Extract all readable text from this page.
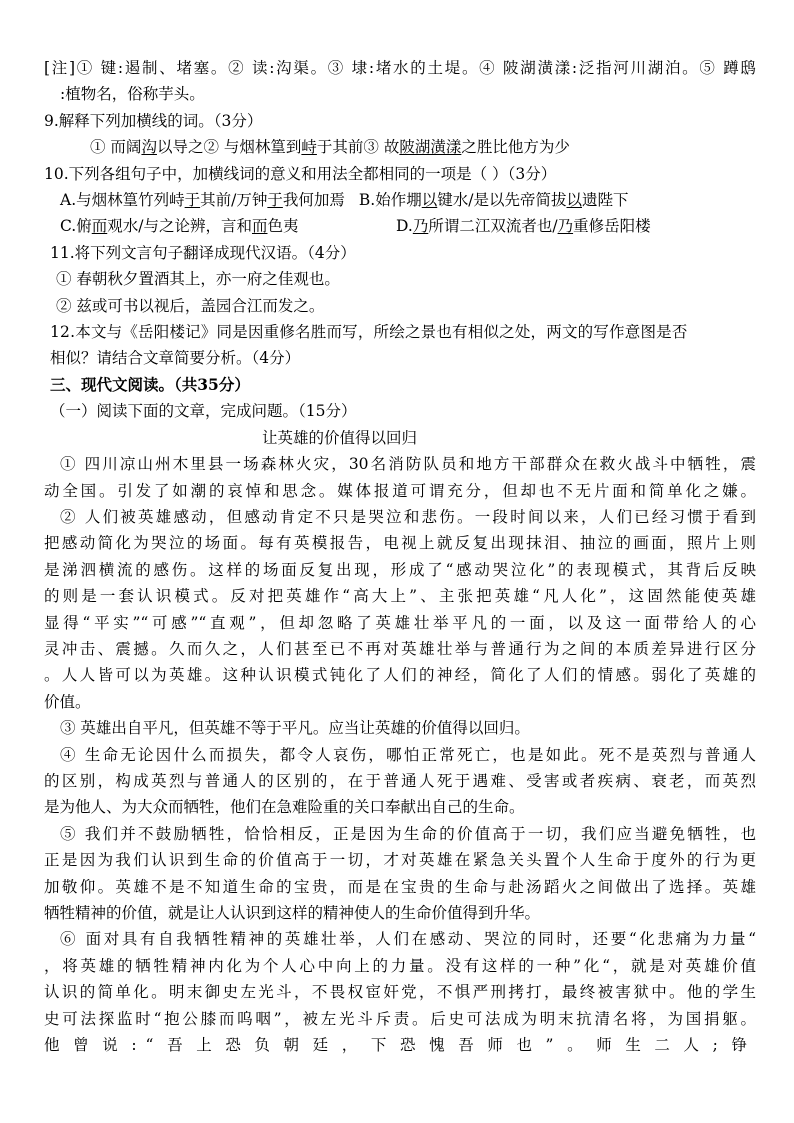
[注]① 键:遏制、堵塞。② 读:沟渠。③ 埭:堵水的土堤。④ 陂湖潢漾:泛指河川湖泊。⑤ 蹲鸱

:植物名，俗称芋头。

9.解释下列加横线的词。（3分）

① 而阔沟以导之② 与烟林篁到峙于其前③ 故陂湖潢漾之胜比他方为少

10.下列各组句子中，加横线词的意义和用法全都相同的一项是（ ）（3分）

A.与烟林篁竹列峙于其前/万钟于我何加焉 B.始作堋以键水/是以先帝简拔以遗陛下

C.俯而观水/与之论辨，言和而色夷	D.乃所谓二江双流者也/乃重修岳阳楼

11.将下列文言句子翻译成现代汉语。（4分）

① 春朝秋夕置酒其上，亦一府之佳观也。

② 兹或可书以视后，盖园合江而发之。

12.本文与《岳阳楼记》同是因重修名胜而写，所绘之景也有相似之处，两文的写作意图是否

相似？请结合文章简要分析。（4分）

三、现代文阅读。（共35分）

（一）阅读下面的文章，完成问题。（15分）

让英雄的价值得以回归

① 四川凉山州木里县一场森林火灾，30名消防队员和地方干部群众在救火战斗中牺牲，震

动全国。引发了如潮的哀悼和思念。媒体报道可谓充分，但却也不无片面和简单化之嫌。

② 人们被英雄感动，但感动肯定不只是哭泣和悲伤。一段时间以来，人们已经习惯于看到

把感动简化为哭泣的场面。每有英模报告，电视上就反复出现抹泪、抽泣的画面，照片上则

是涕泗横流的感伤。这样的场面反复出现，形成了“感动哭泣化”的表现模式，其背后反映

的则是一套认识模式。反对把英雄作“高大上”、主张把英雄“凡人化”，这固然能使英雄

显得“平实”“可感”“直观”，但却忽略了英雄壮举平凡的一面，以及这一面带给人的心

灵冲击、震撼。久而久之，人们甚至已不再对英雄壮举与普通行为之间的本质差异进行区分

。人人皆可以为英雄。这种认识模式钝化了人们的神经，简化了人们的情感。弱化了英雄的

价值。

③ 英雄出自平凡，但英雄不等于平凡。应当让英雄的价值得以回归。

④ 生命无论因什么而损失，都令人哀伤，哪怕正常死亡，也是如此。死不是英烈与普通人

的区别，构成英烈与普通人的区别的，在于普通人死于遇难、受害或者疾病、衰老，而英烈

是为他人、为大众而牺牲，他们在急难险重的关口奉献出自己的生命。

⑤ 我们并不鼓励牺牲，恰恰相反，正是因为生命的价值高于一切，我们应当避免牺牲，也

正是因为我们认识到生命的价值高于一切，才对英雄在紧急关头置个人生命于度外的行为更

加敬仰。英雄不是不知道生命的宝贵，而是在宝贵的生命与赴汤蹈火之间做出了选择。英雄

牺牲精神的价值，就是让人认识到这样的精神使人的生命价值得到升华。

⑥ 面对具有自我牺牲精神的英雄壮举，人们在感动、哭泣的同时，还要“化悲痛为力量“

，将英雄的牺牲精神内化为个人心中向上的力量。没有这样的一种”化“，就是对英雄价值

认识的简单化。明末御史左光斗，不畏权宦奸党，不惧严刑拷打，最终被害狱中。他的学生

史可法探监时“抱公膝而呜咽”，被左光斗斥责。后史可法成为明末抗清名将，为国捐躯。

他曾说:“吾上恐负朝廷，下恐愧吾师也”。师生二人;铮
